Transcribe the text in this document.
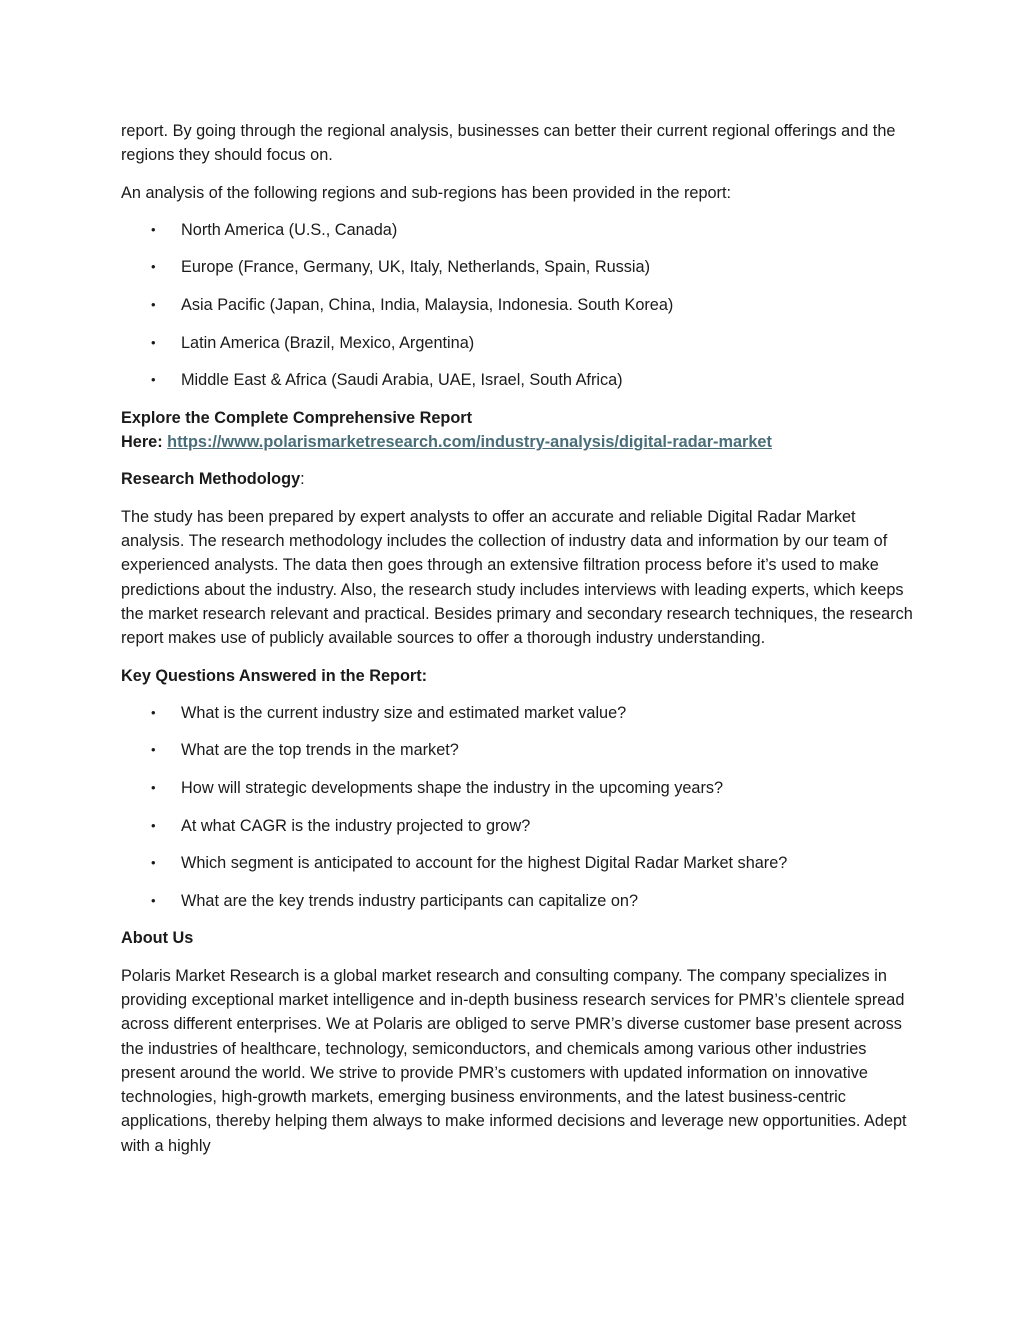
report. By going through the regional analysis, businesses can better their current regional offerings and the regions they should focus on.

An analysis of the following regions and sub-regions has been provided in the report:

• North America (U.S., Canada)
• Europe (France, Germany, UK, Italy, Netherlands, Spain, Russia)
• Asia Pacific (Japan, China, India, Malaysia, Indonesia. South Korea)
• Latin America (Brazil, Mexico, Argentina)
• Middle East & Africa (Saudi Arabia, UAE, Israel, South Africa)

Explore the Complete Comprehensive Report
Here: https://www.polarismarketresearch.com/industry-analysis/digital-radar-market

Research Methodology:

The study has been prepared by expert analysts to offer an accurate and reliable Digital Radar Market analysis. The research methodology includes the collection of industry data and information by our team of experienced analysts. The data then goes through an extensive filtration process before it’s used to make predictions about the industry. Also, the research study includes interviews with leading experts, which keeps the market research relevant and practical. Besides primary and secondary research techniques, the research report makes use of publicly available sources to offer a thorough industry understanding.

Key Questions Answered in the Report:

• What is the current industry size and estimated market value?
• What are the top trends in the market?
• How will strategic developments shape the industry in the upcoming years?
• At what CAGR is the industry projected to grow?
• Which segment is anticipated to account for the highest Digital Radar Market share?
• What are the key trends industry participants can capitalize on?

About Us

Polaris Market Research is a global market research and consulting company. The company specializes in providing exceptional market intelligence and in-depth business research services for PMR’s clientele spread across different enterprises. We at Polaris are obliged to serve PMR’s diverse customer base present across the industries of healthcare, technology, semiconductors, and chemicals among various other industries present around the world. We strive to provide PMR’s customers with updated information on innovative technologies, high-growth markets, emerging business environments, and the latest business-centric applications, thereby helping them always to make informed decisions and leverage new opportunities. Adept with a highly
